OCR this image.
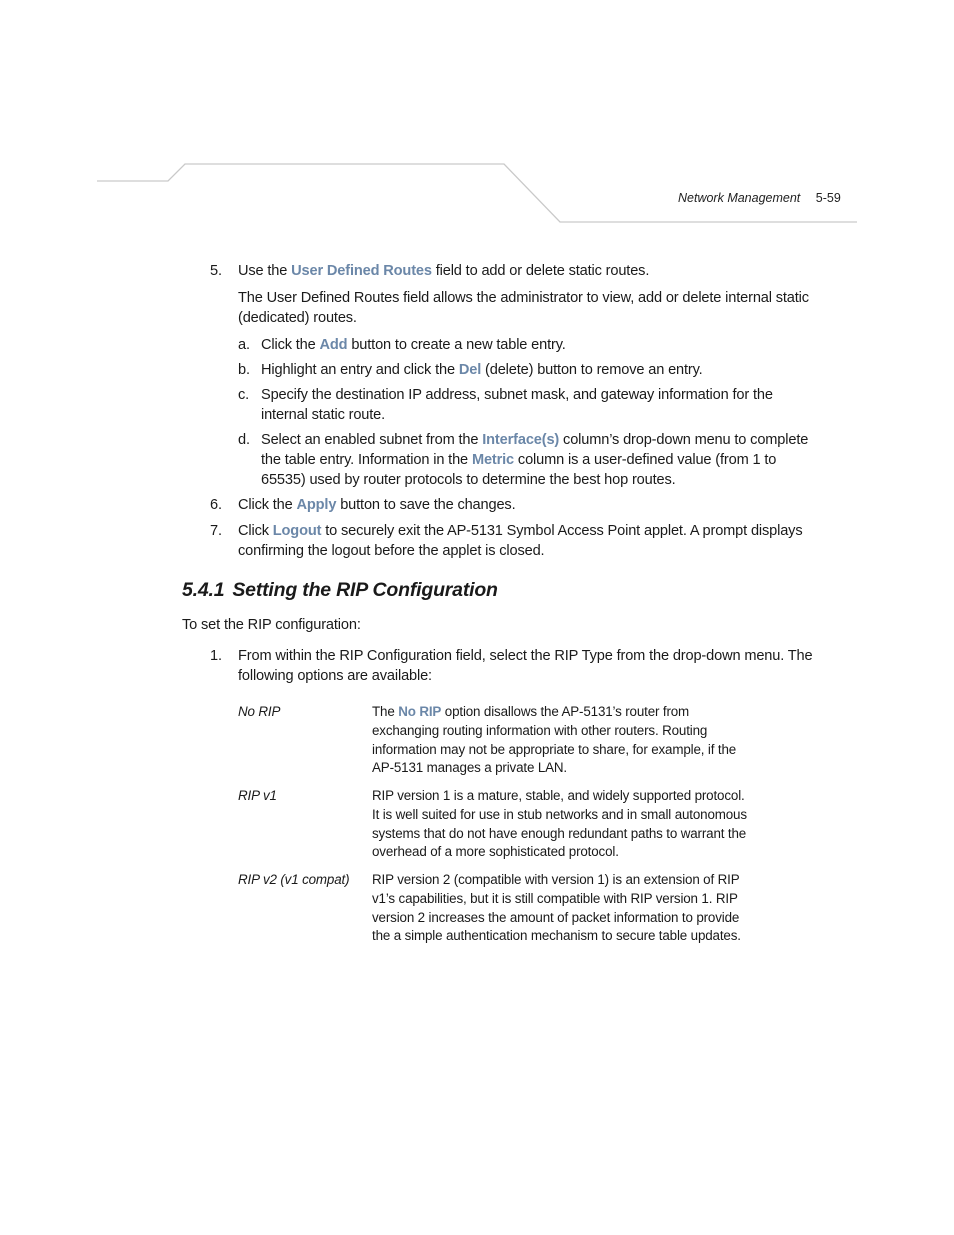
Network Management 5-59
5. Use the User Defined Routes field to add or delete static routes.
The User Defined Routes field allows the administrator to view, add or delete internal static (dedicated) routes.
a. Click the Add button to create a new table entry.
b. Highlight an entry and click the Del (delete) button to remove an entry.
c. Specify the destination IP address, subnet mask, and gateway information for the internal static route.
d. Select an enabled subnet from the Interface(s) column’s drop-down menu to complete the table entry. Information in the Metric column is a user-defined value (from 1 to 65535) used by router protocols to determine the best hop routes.
6. Click the Apply button to save the changes.
7. Click Logout to securely exit the AP-5131 Symbol Access Point applet. A prompt displays confirming the logout before the applet is closed.
5.4.1 Setting the RIP Configuration
To set the RIP configuration:
1. From within the RIP Configuration field, select the RIP Type from the drop-down menu. The following options are available:
No RIP	The No RIP option disallows the AP-5131’s router from exchanging routing information with other routers. Routing information may not be appropriate to share, for example, if the AP-5131 manages a private LAN.
RIP v1	RIP version 1 is a mature, stable, and widely supported protocol. It is well suited for use in stub networks and in small autonomous systems that do not have enough redundant paths to warrant the overhead of a more sophisticated protocol.
RIP v2 (v1 compat) RIP version 2 (compatible with version 1) is an extension of RIP v1’s capabilities, but it is still compatible with RIP version 1. RIP version 2 increases the amount of packet information to provide the a simple authentication mechanism to secure table updates.
